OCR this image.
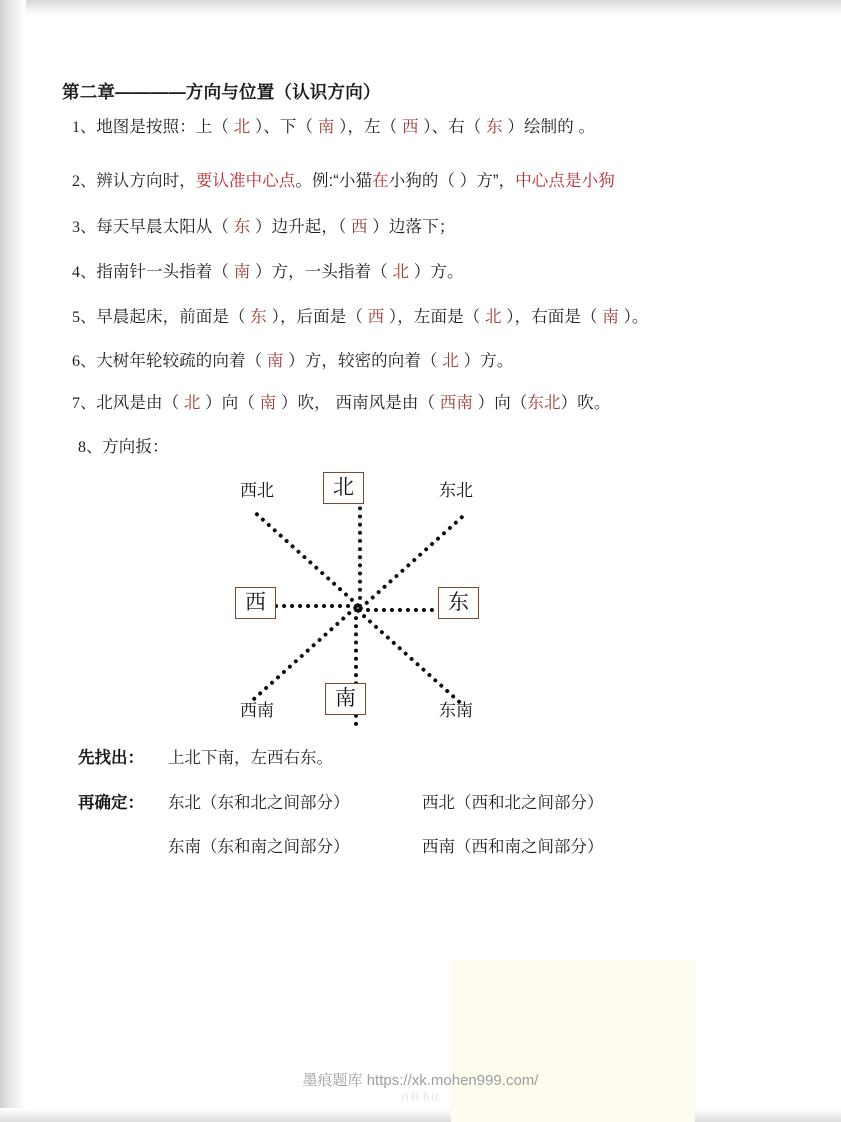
第二章————方向与位置（认识方向）
1、地图是按照：上（ 北 ）、下（ 南 ），左（ 西 ）、右（ 东 ）绘制的 。
2、辨认方向时，要认准中心点。例:“小猫在小狗的（ ）方”，中心点是小狗
3、每天早晨太阳从（ 东 ）边升起，（ 西 ）边落下；
4、指南针一头指着（ 南 ）方，一头指着（ 北 ）方。
5、早晨起床，前面是（ 东 ），后面是（ 西 ），左面是（ 北 ），右面是（ 南 ）。
6、大树年轮较疏的向着（ 南 ）方，较密的向着（ 北 ）方。
7、北风是由（ 北 ）向（ 南 ）吹， 西南风是由（ 西南 ）向（东北）吹。
8、方向扳：
北
南
西	东
西北	东北
西南	东南
先找出： 上北下南，左西右东。
再确定： 东北（东和北之间部分）	西北（西和北之间部分）
东南（东和南之间部分）	西南（西和南之间部分）
墨痕题库 https://xk.mohen999.com/
百科书社
